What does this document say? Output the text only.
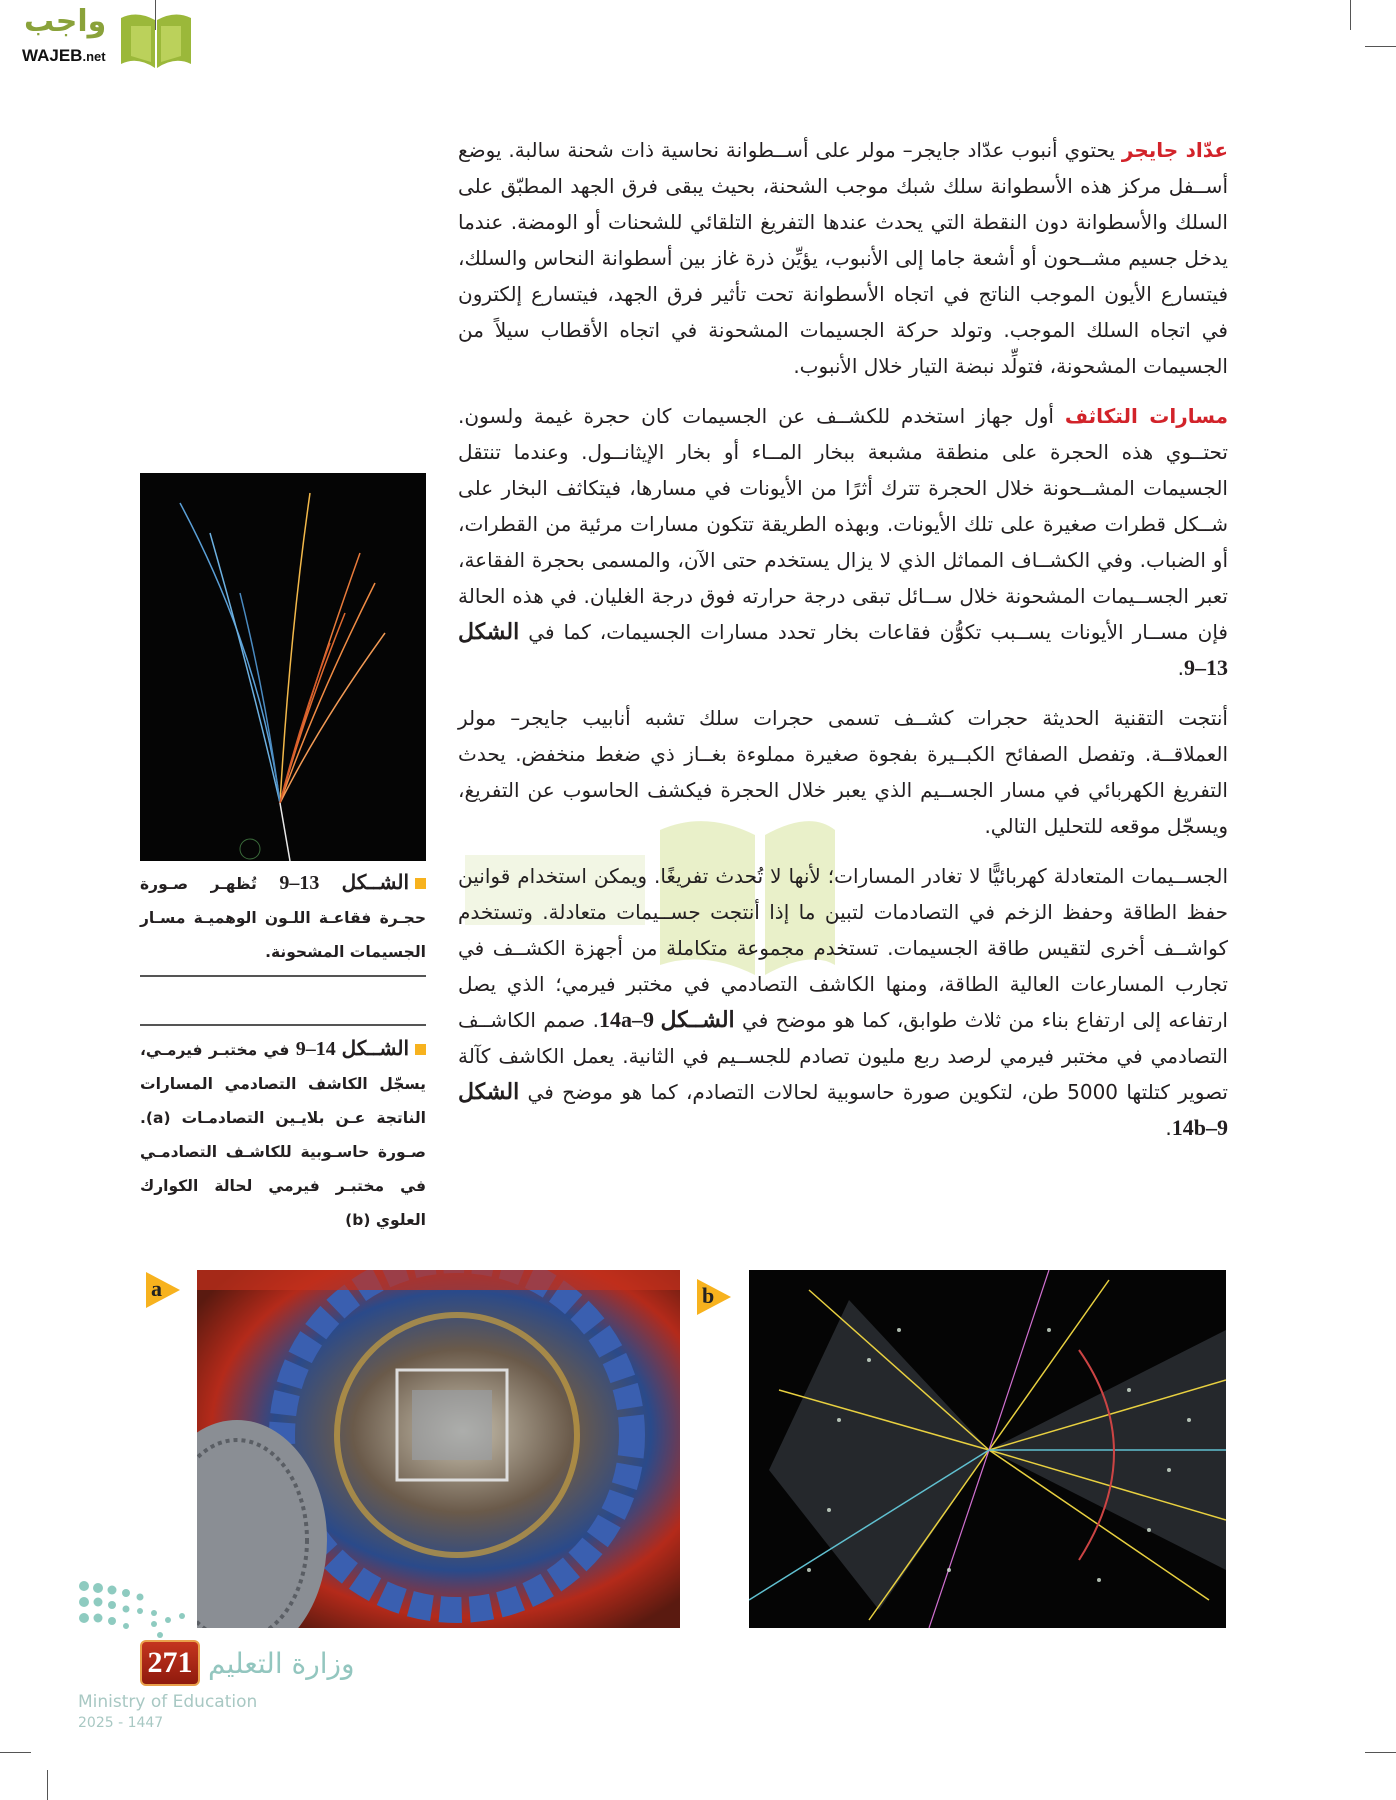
واجب
WAJEB.net

عدّاد جايجر يحتوي أنبوب عدّاد جايجر– مولر على أســطوانة نحاسية ذات شحنة سالبة. يوضع أســفل مركز هذه الأسطوانة سلك شبك موجب الشحنة، بحيث يبقى فرق الجهد المطبّق على السلك والأسطوانة دون النقطة التي يحدث عندها التفريغ التلقائي للشحنات أو الومضة. عندما يدخل جسيم مشــحون أو أشعة جاما إلى الأنبوب، يؤيِّن ذرة غاز بين أسطوانة النحاس والسلك، فيتسارع الأيون الموجب الناتج في اتجاه الأسطوانة تحت تأثير فرق الجهد، فيتسارع إلكترون في اتجاه السلك الموجب. وتولد حركة الجسيمات المشحونة في اتجاه الأقطاب سيلاً من الجسيمات المشحونة، فتولِّد نبضة التيار خلال الأنبوب.

مسارات التكاثف أول جهاز استخدم للكشــف عن الجسيمات كان حجرة غيمة ولسون. تحتــوي هذه الحجرة على منطقة مشبعة ببخار المــاء أو بخار الإيثانــول. وعندما تنتقل الجسيمات المشــحونة خلال الحجرة تترك أثرًا من الأيونات في مسارها، فيتكاثف البخار على شــكل قطرات صغيرة على تلك الأيونات. وبهذه الطريقة تتكون مسارات مرئية من القطرات، أو الضباب. وفي الكشــاف المماثل الذي لا يزال يستخدم حتى الآن، والمسمى بحجرة الفقاعة، تعبر الجســيمات المشحونة خلال ســائل تبقى درجة حرارته فوق درجة الغليان. في هذه الحالة فإن مســار الأيونات يســبب تكوُّن فقاعات بخار تحدد مسارات الجسيمات، كما في الشكل 13–9.

أنتجت التقنية الحديثة حجرات كشــف تسمى حجرات سلك تشبه أنابيب جايجر– مولر العملاقــة. وتفصل الصفائح الكبــيرة بفجوة صغيرة مملوءة بغــاز ذي ضغط منخفض. يحدث التفريغ الكهربائي في مسار الجســيم الذي يعبر خلال الحجرة فيكشف الحاسوب عن التفريغ، ويسجّل موقعه للتحليل التالي.

الجســيمات المتعادلة كهربائيًّا لا تغادر المسارات؛ لأنها لا تُحدث تفريغًا. ويمكن استخدام قوانين حفظ الطاقة وحفظ الزخم في التصادمات لتبين ما إذا أنتجت جســيمات متعادلة. وتستخدم كواشــف أخرى لتقيس طاقة الجسيمات. تستخدم مجموعة متكاملة من أجهزة الكشــف في تجارب المسارعات العالية الطاقة، ومنها الكاشف التصادمي في مختبر فيرمي؛ الذي يصل ارتفاعه إلى ارتفاع بناء من ثلاث طوابق، كما هو موضح في الشــكل 14a–9. صمم الكاشــف التصادمي في مختبر فيرمي لرصد ربع مليون تصادم للجســيم في الثانية. يعمل الكاشف كآلة تصوير كتلتها 5000 طن، لتكوين صورة حاسوبية لحالات التصادم، كما هو موضح في الشكل 14b–9.

الشــكل 13–9 تُظهـر صـورة حجـرة فقاعـة اللـون الوهميـة مسـار الجسيمات المشحونة.
الشــكل 14–9 في مختبـر فيرمـي، يسجّل الكاشف التصادمي المسارات الناتجة عـن بلايـين التصادمـات (a). صـورة حاسـوبية للكاشـف التصادمـي في مختبـر فيرمي لحالة الكوارك العلوي (b)
a	b
271 وزارة التعليم
Ministry of Education
2025 - 1447
